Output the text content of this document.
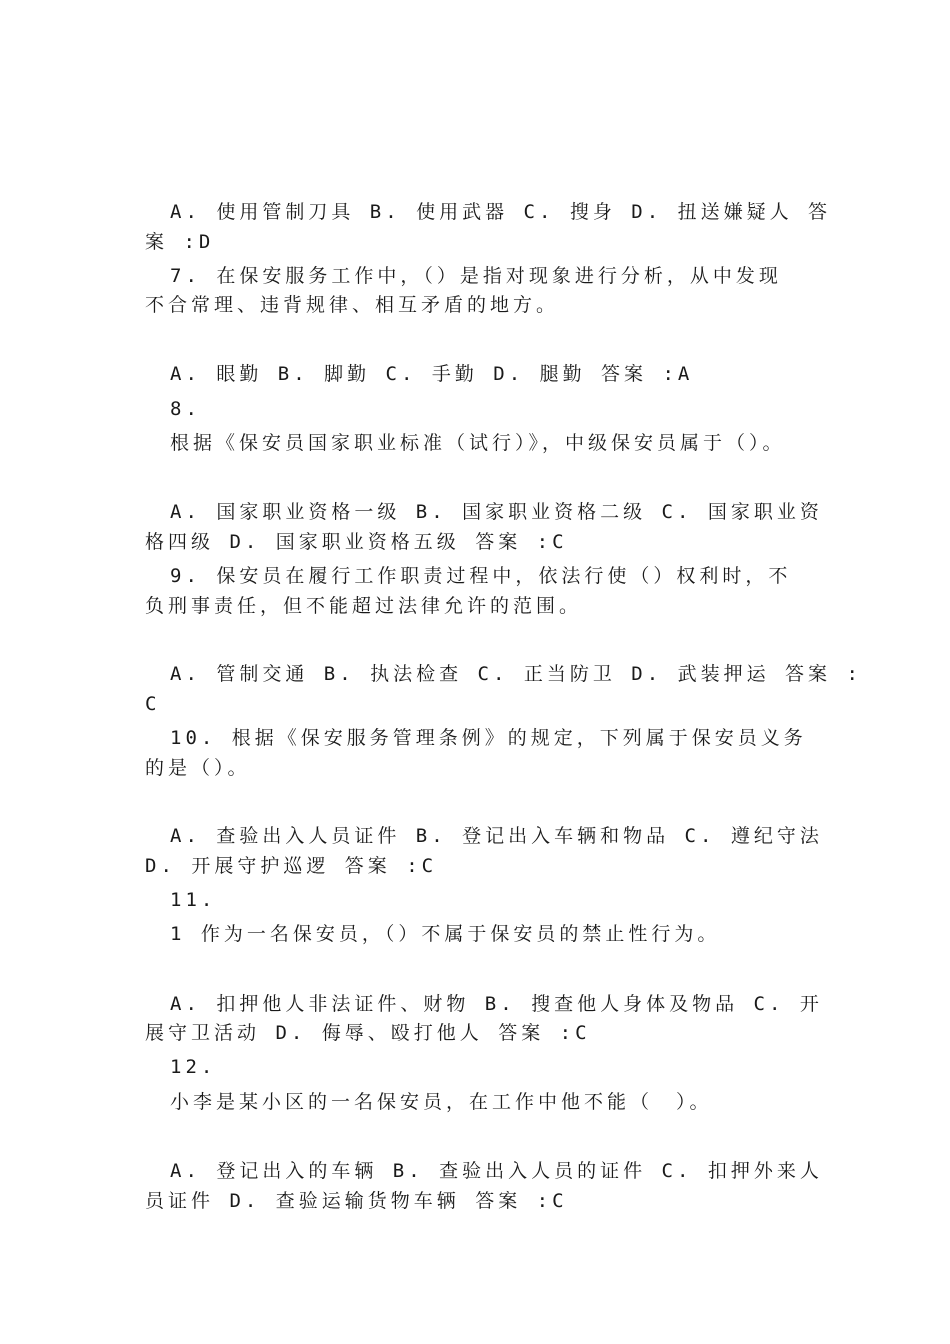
A. 使用管制刀具 B. 使用武器 C. 搜身 D. 扭送嫌疑人 答
案 :D
7. 在保安服务工作中，（）是指对现象进行分析，从中发现
不合常理、违背规律、相互矛盾的地方。
A. 眼勤 B. 脚勤 C. 手勤 D. 腿勤 答案 :A
8.
根据《保安员国家职业标准（试行）》，中级保安员属于（）。
A. 国家职业资格一级 B. 国家职业资格二级 C. 国家职业资
格四级 D. 国家职业资格五级 答案 :C
9. 保安员在履行工作职责过程中，依法行使（）权利时，不
负刑事责任，但不能超过法律允许的范围。
A. 管制交通 B. 执法检查 C. 正当防卫 D. 武装押运 答案 :
C
10. 根据《保安服务管理条例》的规定，下列属于保安员义务
的是（）。
A. 查验出入人员证件 B. 登记出入车辆和物品 C. 遵纪守法
D. 开展守护巡逻 答案 :C
11.
1 作为一名保安员，（）不属于保安员的禁止性行为。
A. 扣押他人非法证件、财物 B. 搜查他人身体及物品 C. 开
展守卫活动 D. 侮辱、殴打他人 答案 :C
12.
小李是某小区的一名保安员，在工作中他不能（　）。
A. 登记出入的车辆 B. 查验出入人员的证件 C. 扣押外来人
员证件 D. 查验运输货物车辆 答案 :C
